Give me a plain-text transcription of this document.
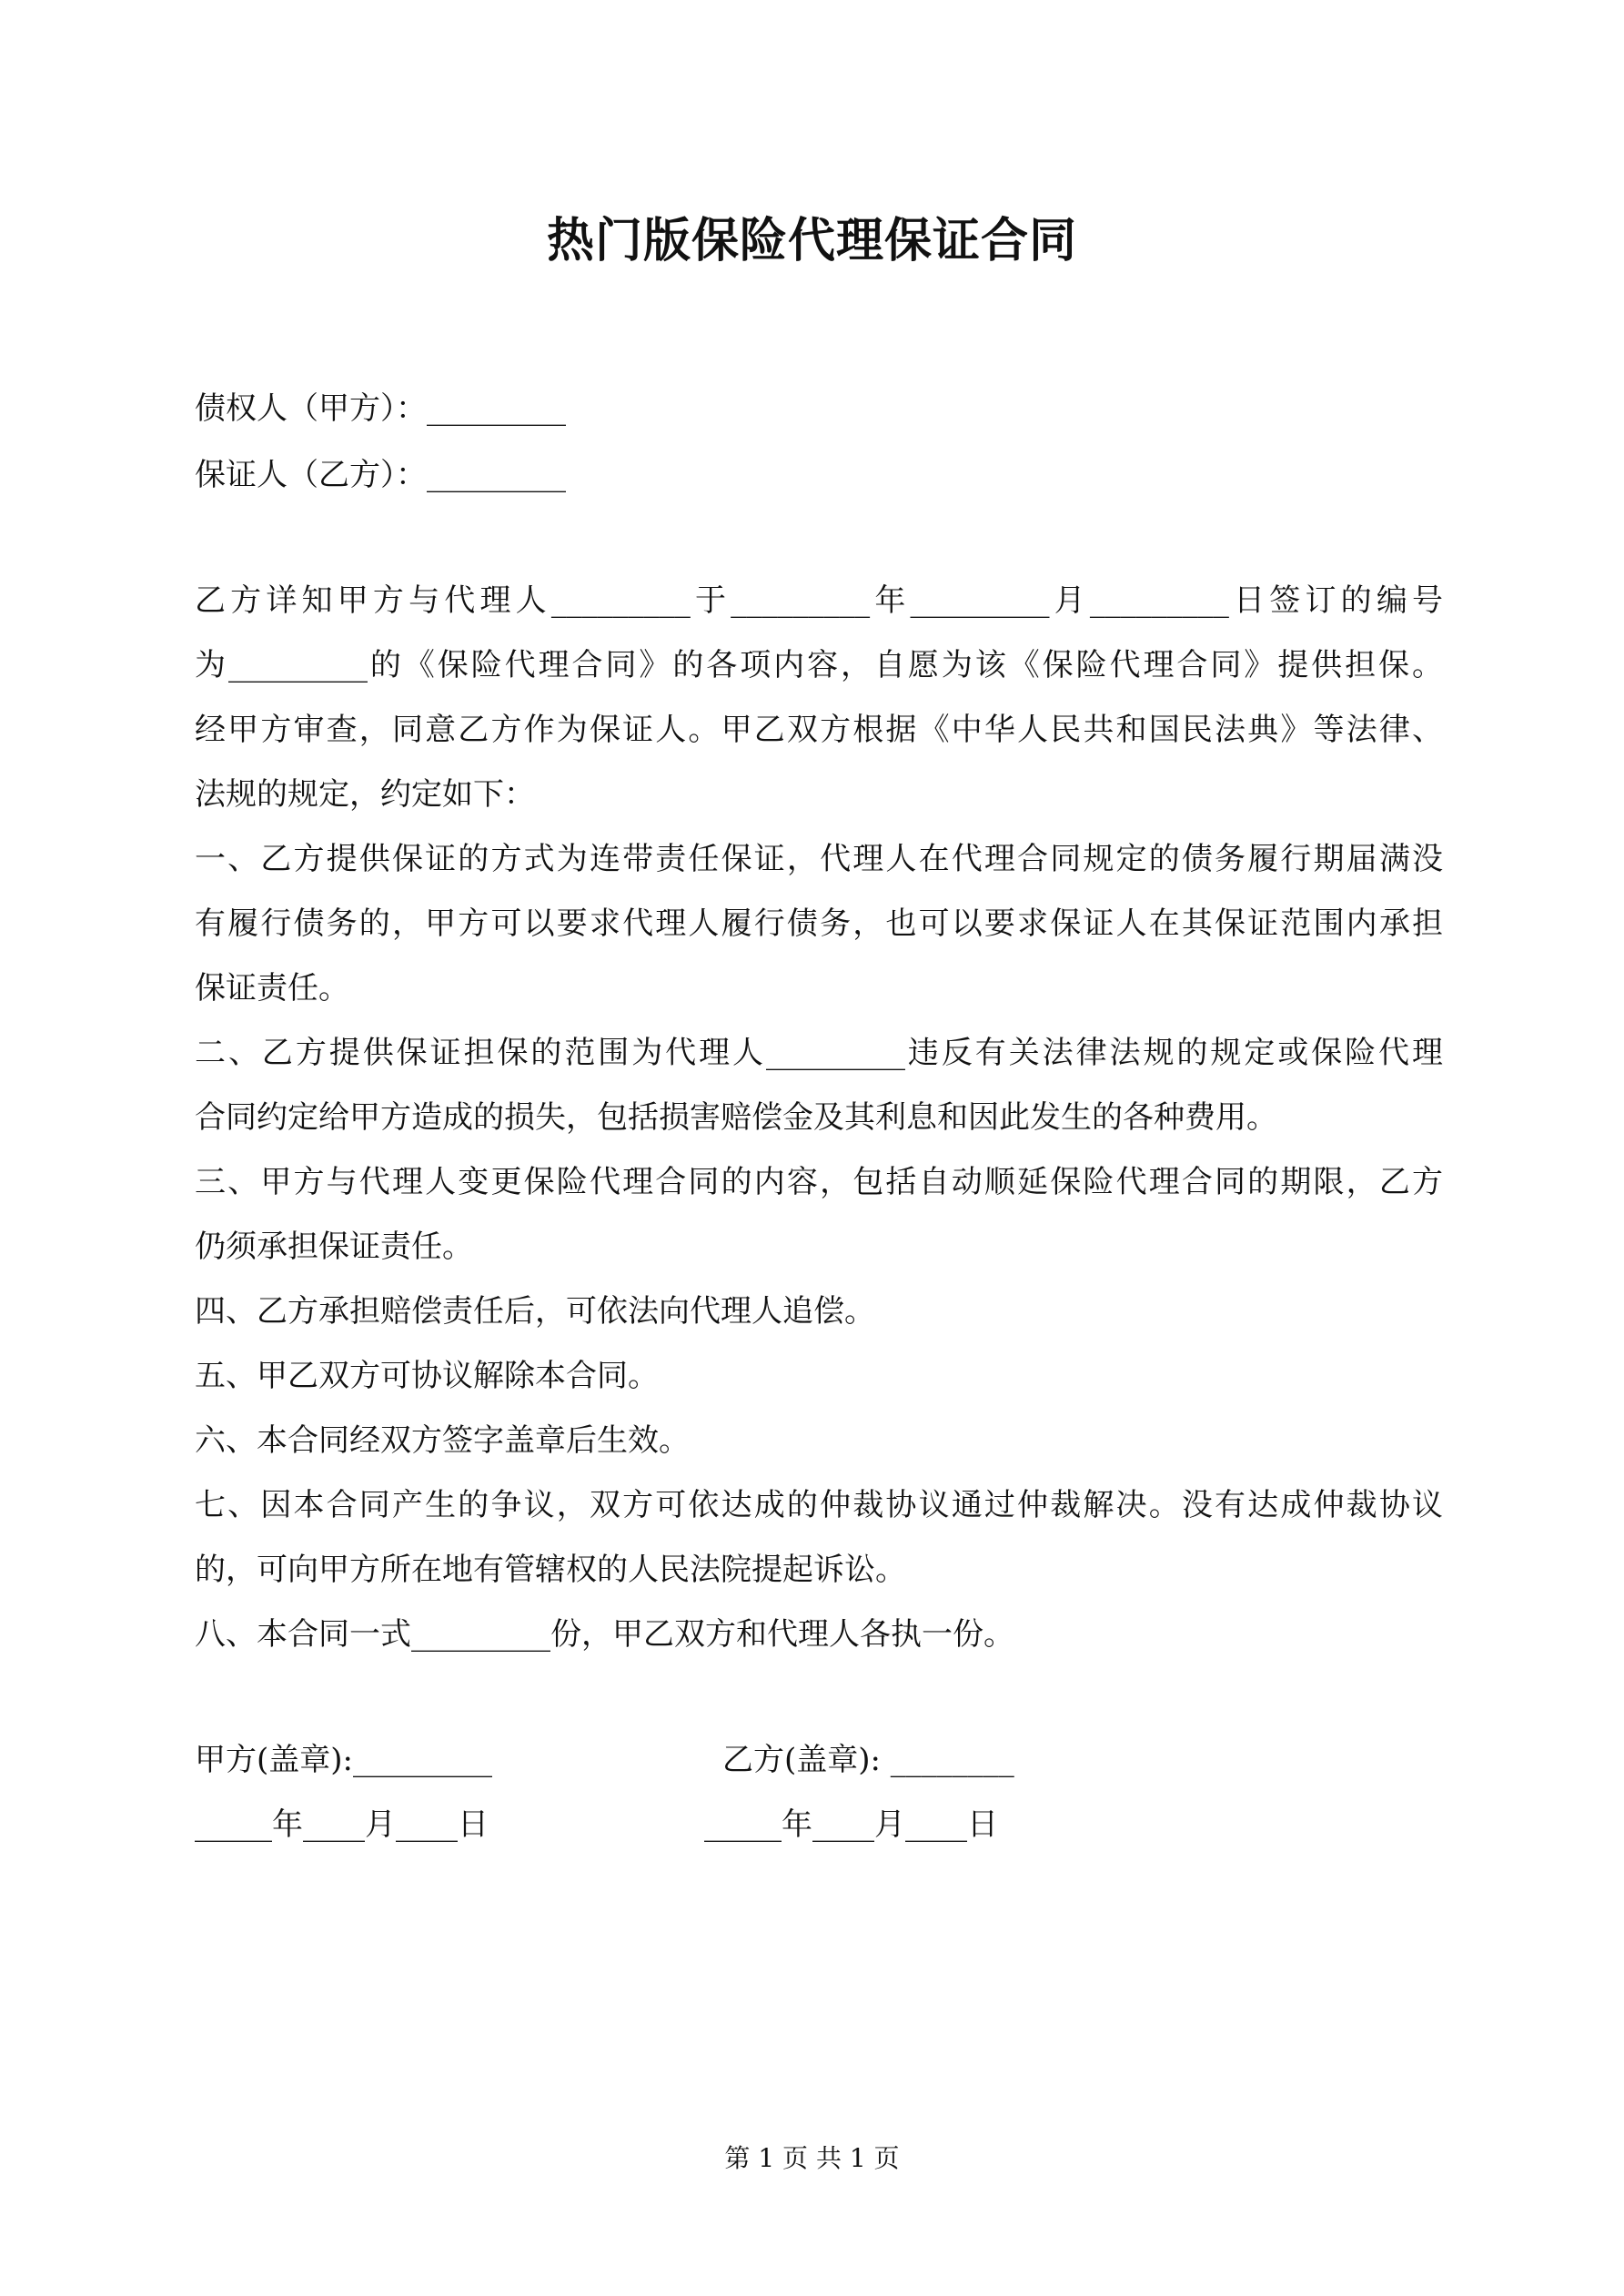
热门版保险代理保证合同
债权人（甲方）：_________
保证人（乙方）：_________
乙方详知甲方与代理人_________于_________年_________月_________日签订的编号
为_________的《保险代理合同》的各项内容，自愿为该《保险代理合同》提供担保。
经甲方审查，同意乙方作为保证人。甲乙双方根据《中华人民共和国民法典》等法律、
法规的规定，约定如下：
一、乙方提供保证的方式为连带责任保证，代理人在代理合同规定的债务履行期届满没
有履行债务的，甲方可以要求代理人履行债务，也可以要求保证人在其保证范围内承担
保证责任。
二、乙方提供保证担保的范围为代理人_________违反有关法律法规的规定或保险代理
合同约定给甲方造成的损失，包括损害赔偿金及其利息和因此发生的各种费用。
三、甲方与代理人变更保险代理合同的内容，包括自动顺延保险代理合同的期限，乙方
仍须承担保证责任。
四、乙方承担赔偿责任后，可依法向代理人追偿。
五、甲乙双方可协议解除本合同。
六、本合同经双方签字盖章后生效。
七、因本合同产生的争议，双方可依达成的仲裁协议通过仲裁解决。没有达成仲裁协议
的，可向甲方所在地有管辖权的人民法院提起诉讼。
八、本合同一式_________份，甲乙双方和代理人各执一份。
甲方(盖章):_________
_____年____月____日
乙方(盖章): ________
_____年____月____日
第 1 页 共 1 页
